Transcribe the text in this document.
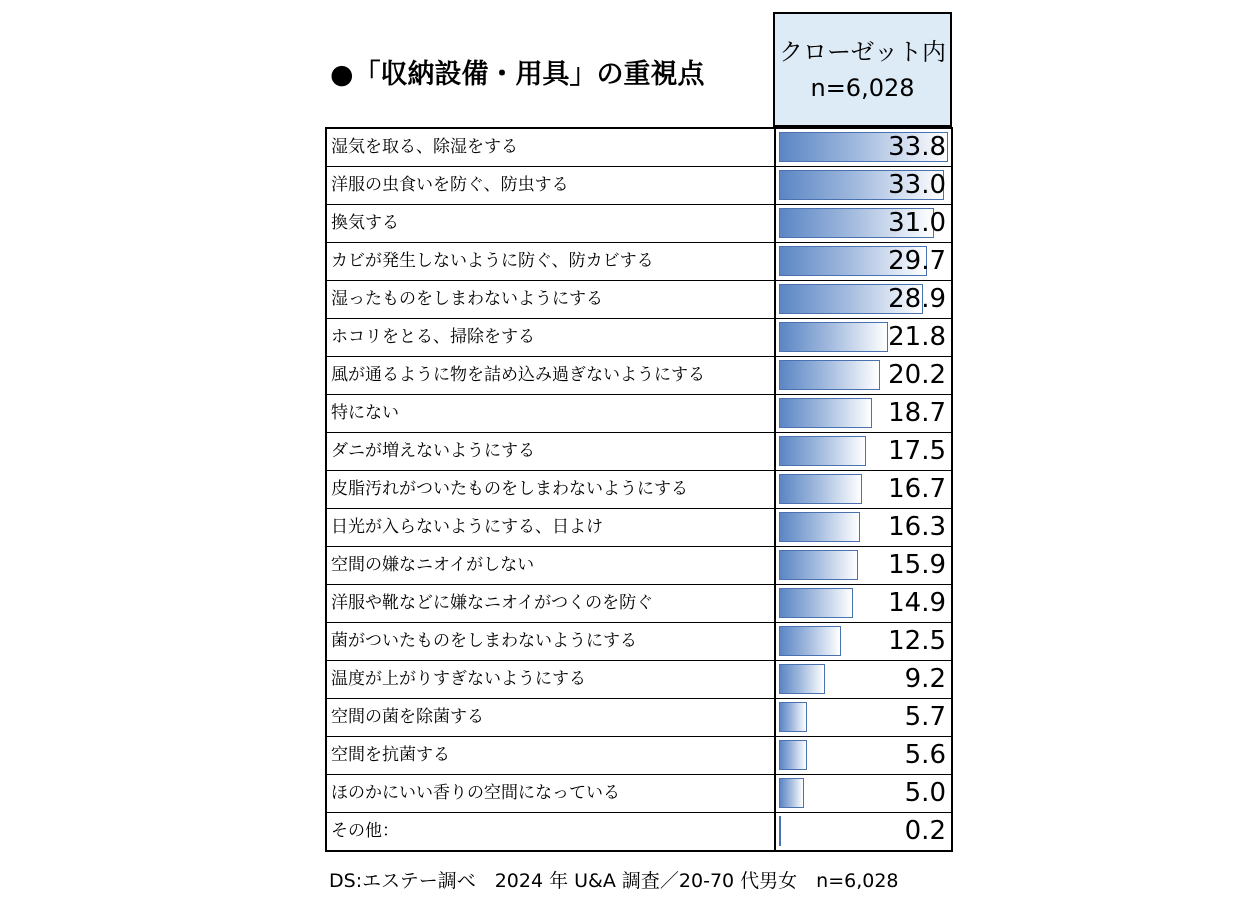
●「収納設備・用具」の重視点
クローゼット内
n=6,028
湿気を取る、除湿をする	33.8
洋服の虫食いを防ぐ、防虫する	33.0
換気する	31.0
カビが発生しないように防ぐ、防カビする	29.7
湿ったものをしまわないようにする	28.9
ホコリをとる、掃除をする	21.8
風が通るように物を詰め込み過ぎないようにする	20.2
特にない	18.7
ダニが増えないようにする	17.5
皮脂汚れがついたものをしまわないようにする	16.7
日光が入らないようにする、日よけ	16.3
空間の嫌なニオイがしない	15.9
洋服や靴などに嫌なニオイがつくのを防ぐ	14.9
菌がついたものをしまわないようにする	12.5
温度が上がりすぎないようにする	9.2
空間の菌を除菌する	5.7
空間を抗菌する	5.6
ほのかにいい香りの空間になっている	5.0
その他：	0.2
DS:エステー調べ　2024 年 U&A 調査／20-70 代男女　n=6,028
